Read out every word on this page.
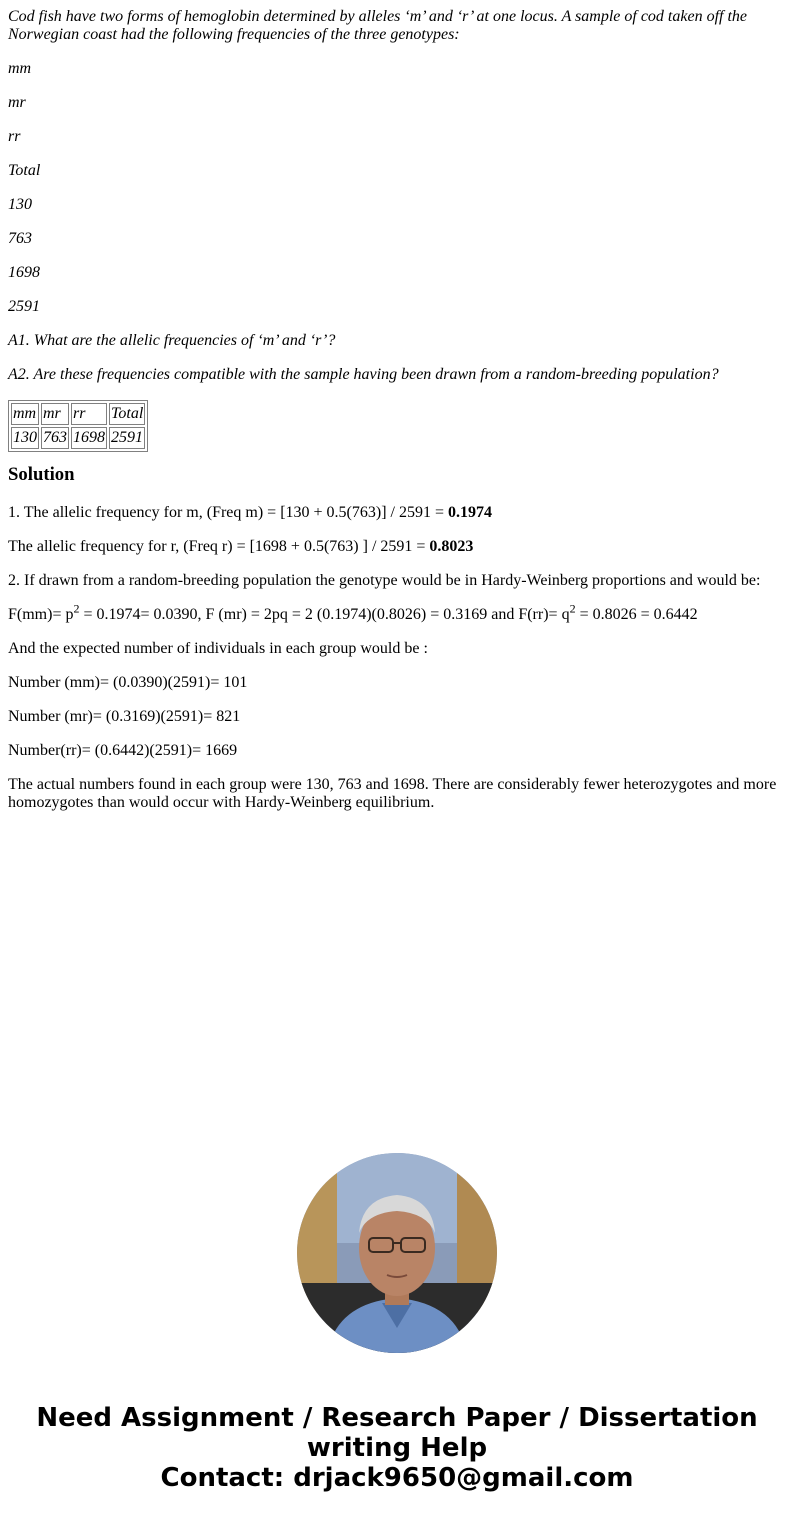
Cod fish have two forms of hemoglobin determined by alleles ‘m’ and ‘r’ at one locus. A sample of cod taken off the Norwegian coast had the following frequencies of the three genotypes:

mm

mr

rr

Total

130

763

1698

2591

A1. What are the allelic frequencies of ‘m’ and ‘r’?

A2. Are these frequencies compatible with the sample having been drawn from a random-breeding population?

mm	mr	rr	Total
130	763	1698	2591
Solution

1. The allelic frequency for m, (Freq m) = [130 + 0.5(763)] / 2591 = 0.1974

The allelic frequency for r, (Freq r) = [1698 + 0.5(763) ] / 2591 = 0.8023

2. If drawn from a random-breeding population the genotype would be in Hardy-Weinberg proportions and would be:

$F(mm)= p^2 = 0.1974= 0.0390$, F (mr) = 2pq = 2 (0.1974)(0.8026) = 0.3169 and $F(rr)= q^2 = 0.8026 = 0.6442$

And the expected number of individuals in each group would be :

Number (mm)= (0.0390)(2591)= 101

Number (mr)= (0.3169)(2591)= 821

Number(rr)= (0.6442)(2591)= 1669

The actual numbers found in each group were 130, 763 and 1698. There are considerably fewer heterozygotes and more homozygotes than would occur with Hardy-Weinberg equilibrium.

Need Assignment / Research Paper / Dissertation
writing Help
Contact: drjack9650@gmail.com
